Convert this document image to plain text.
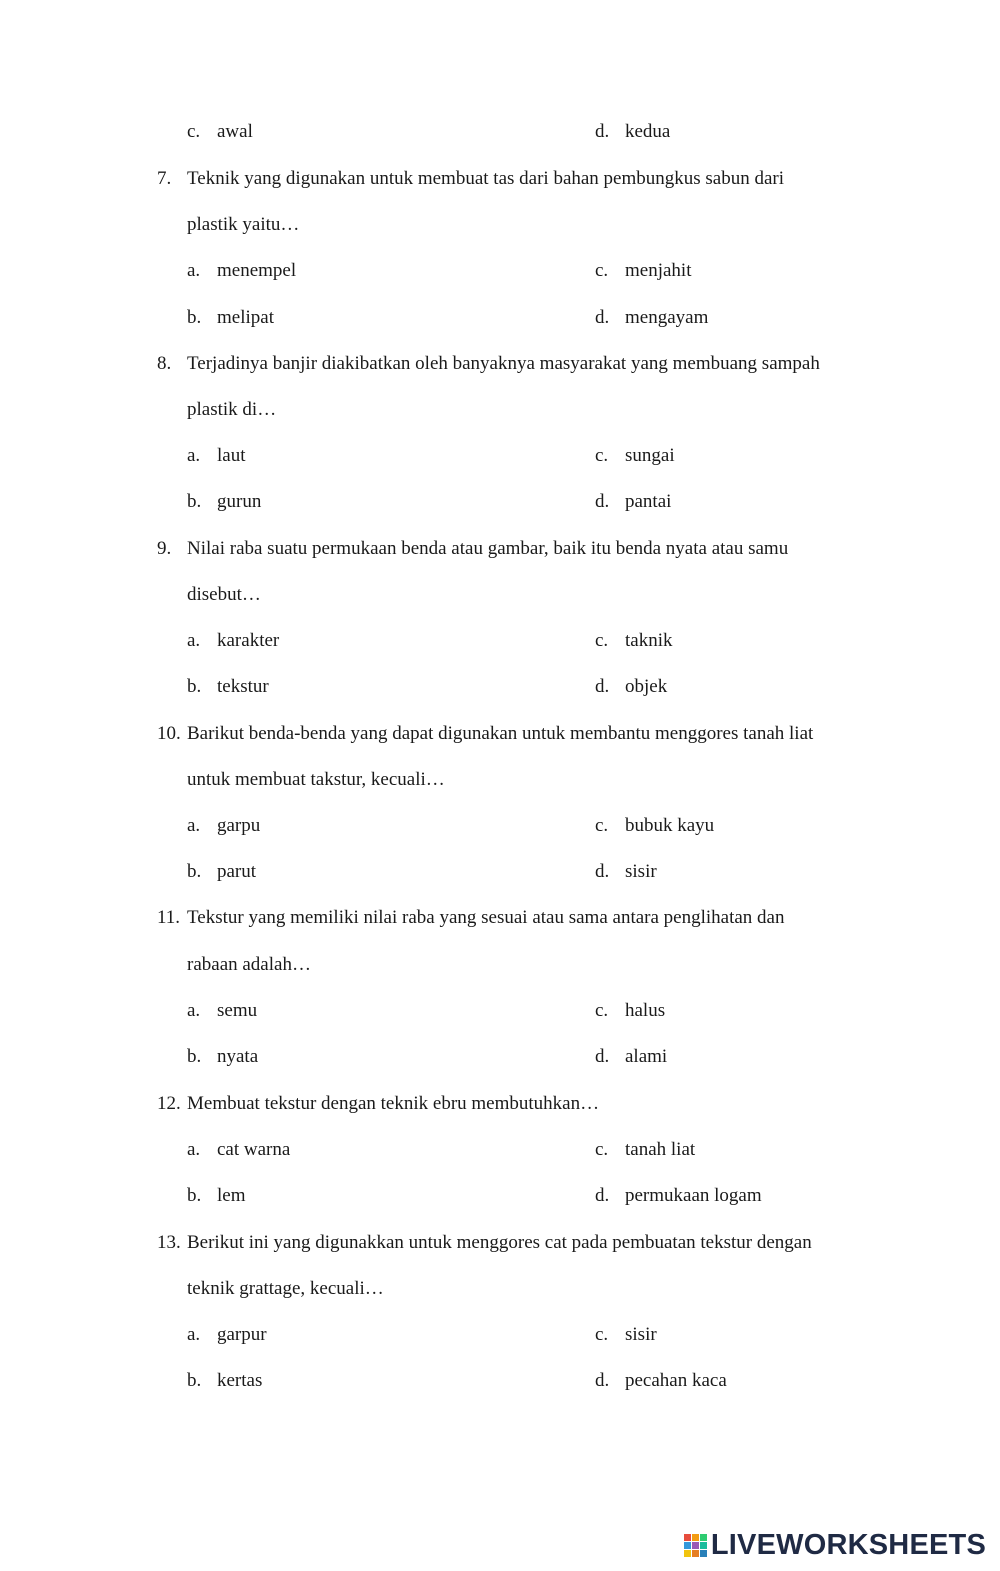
c. awal	d. kedua
7. Teknik yang digunakan untuk membuat tas dari bahan pembungkus sabun dari
plastik yaitu…
a. menempel	c. menjahit
b. melipat	d. mengayam
8. Terjadinya banjir diakibatkan oleh banyaknya masyarakat yang membuang sampah
plastik di…
a. laut	c. sungai
b. gurun	d. pantai
9. Nilai raba suatu permukaan benda atau gambar, baik itu benda nyata atau samu
disebut…
a. karakter	c. taknik
b. tekstur	d. objek
10. Barikut benda-benda yang dapat digunakan untuk membantu menggores tanah liat
untuk membuat takstur, kecuali…
a. garpu	c. bubuk kayu
b. parut	d. sisir
11. Tekstur yang memiliki nilai raba yang sesuai atau sama antara penglihatan dan
rabaan adalah…
a. semu	c. halus
b. nyata	d. alami
12. Membuat tekstur dengan teknik ebru membutuhkan…
a. cat warna	c. tanah liat
b. lem	d. permukaan logam
13. Berikut ini yang digunakkan untuk menggores cat pada pembuatan tekstur dengan
teknik grattage, kecuali…
a. garpur	c. sisir
b. kertas	d. pecahan kaca
LIVEWORKSHEETS
